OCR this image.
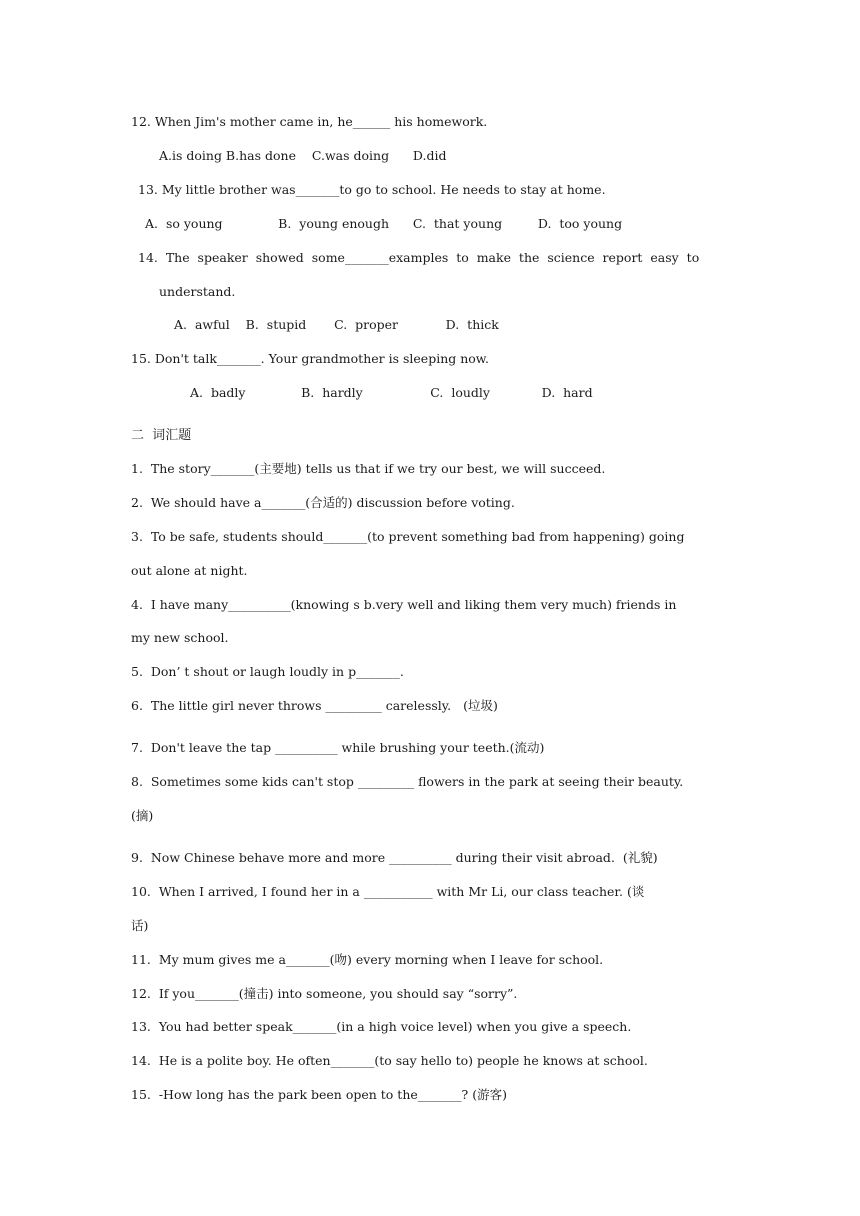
12. When Jim's mother came in, he______ his homework.
A.is doing B.has done    C.was doing      D.did
13. My little brother was_______to go to school. He needs to stay at home.
A.  so young              B.  young enough      C.  that young         D.  too young
14.  The  speaker  showed  some_______examples  to  make  the  science  report  easy  to
understand.
A.  awful    B.  stupid       C.  proper            D.  thick
15. Don't talk_______. Your grandmother is sleeping now.
A.  badly              B.  hardly                 C.  loudly             D.  hard
二  词汇题
1.  The story_______(主要地) tells us that if we try our best, we will succeed.
2.  We should have a_______(合适的) discussion before voting.
3.  To be safe, students should_______(to prevent something bad from happening) going
out alone at night.
4.  I have many__________(knowing s b.very well and liking them very much) friends in
my new school.
5.  Don’ t shout or laugh loudly in p_______.
6.  The little girl never throws _________ carelessly.   (垃圾)
7.  Don't leave the tap __________ while brushing your teeth.(流动)
8.  Sometimes some kids can't stop _________ flowers in the park at seeing their beauty.
(摘)
9.  Now Chinese behave more and more __________ during their visit abroad.  (礼貌)
10.  When I arrived, I found her in a ___________ with Mr Li, our class teacher. (谈
话)
11.  My mum gives me a_______(吻) every morning when I leave for school.
12.  If you_______(撞击) into someone, you should say “sorry”.
13.  You had better speak_______(in a high voice level) when you give a speech.
14.  He is a polite boy. He often_______(to say hello to) people he knows at school.
15.  -How long has the park been open to the_______? (游客)
